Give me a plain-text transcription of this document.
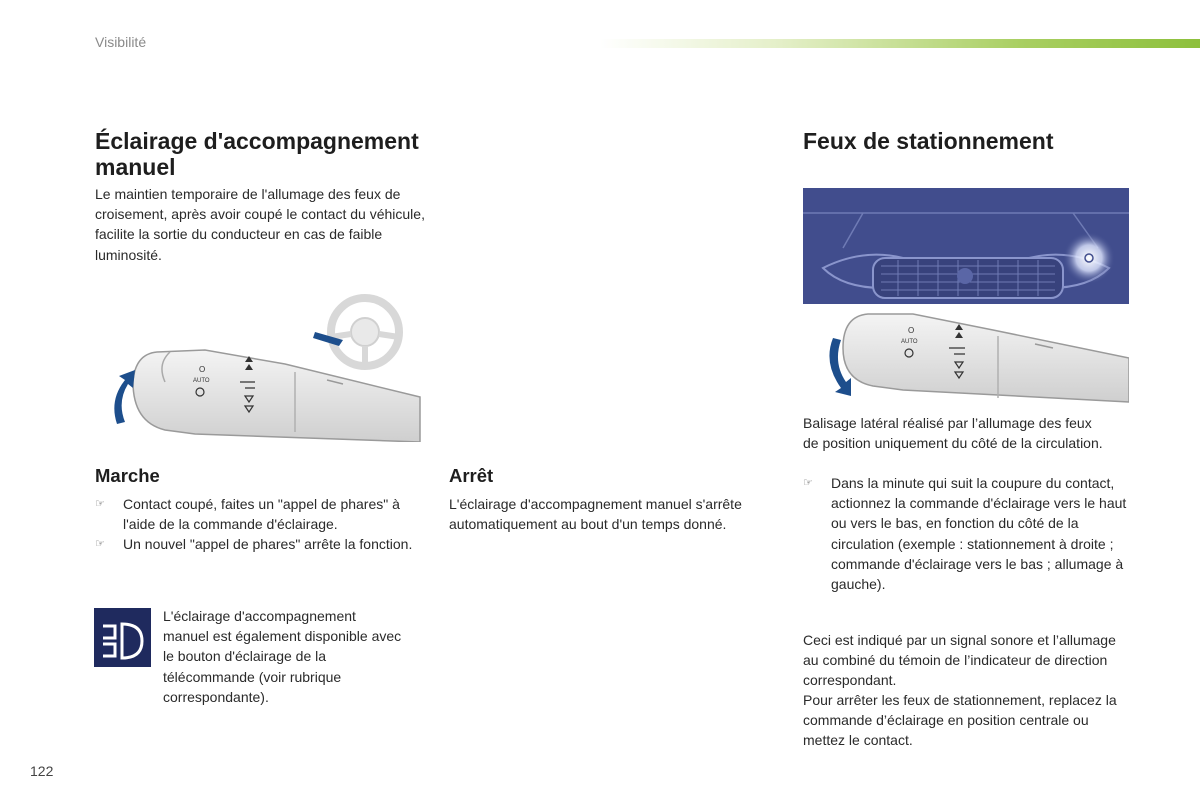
Visibilité
Éclairage d'accompagnement manuel

Le maintien temporaire de l'allumage des feux de croisement, après avoir coupé le contact du véhicule, facilite la sortie du conducteur en cas de faible luminosité.

O
AUTO
Marche
☞ Contact coupé, faites un "appel de phares" à l'aide de la commande d'éclairage.
☞ Un nouvel "appel de phares" arrête la fonction.
Arrêt

L'éclairage d'accompagnement manuel s'arrête automatiquement au bout d'un temps donné.

L'éclairage d'accompagnement manuel est également disponible avec le bouton d'éclairage de la télécommande (voir rubrique correspondante).

Feux de stationnement
O
AUTO

Balisage latéral réalisé par l’allumage des feux de position uniquement du côté de la circulation.

☞ Dans la minute qui suit la coupure du contact, actionnez la commande d'éclairage vers le haut ou vers le bas, en fonction du côté de la circulation (exemple : stationnement à droite ; commande d'éclairage vers le bas ; allumage à gauche).

Ceci est indiqué par un signal sonore et l’allumage au combiné du témoin de l’indicateur de direction correspondant.

Pour arrêter les feux de stationnement, replacez la commande d’éclairage en position centrale ou mettez le contact.

122
